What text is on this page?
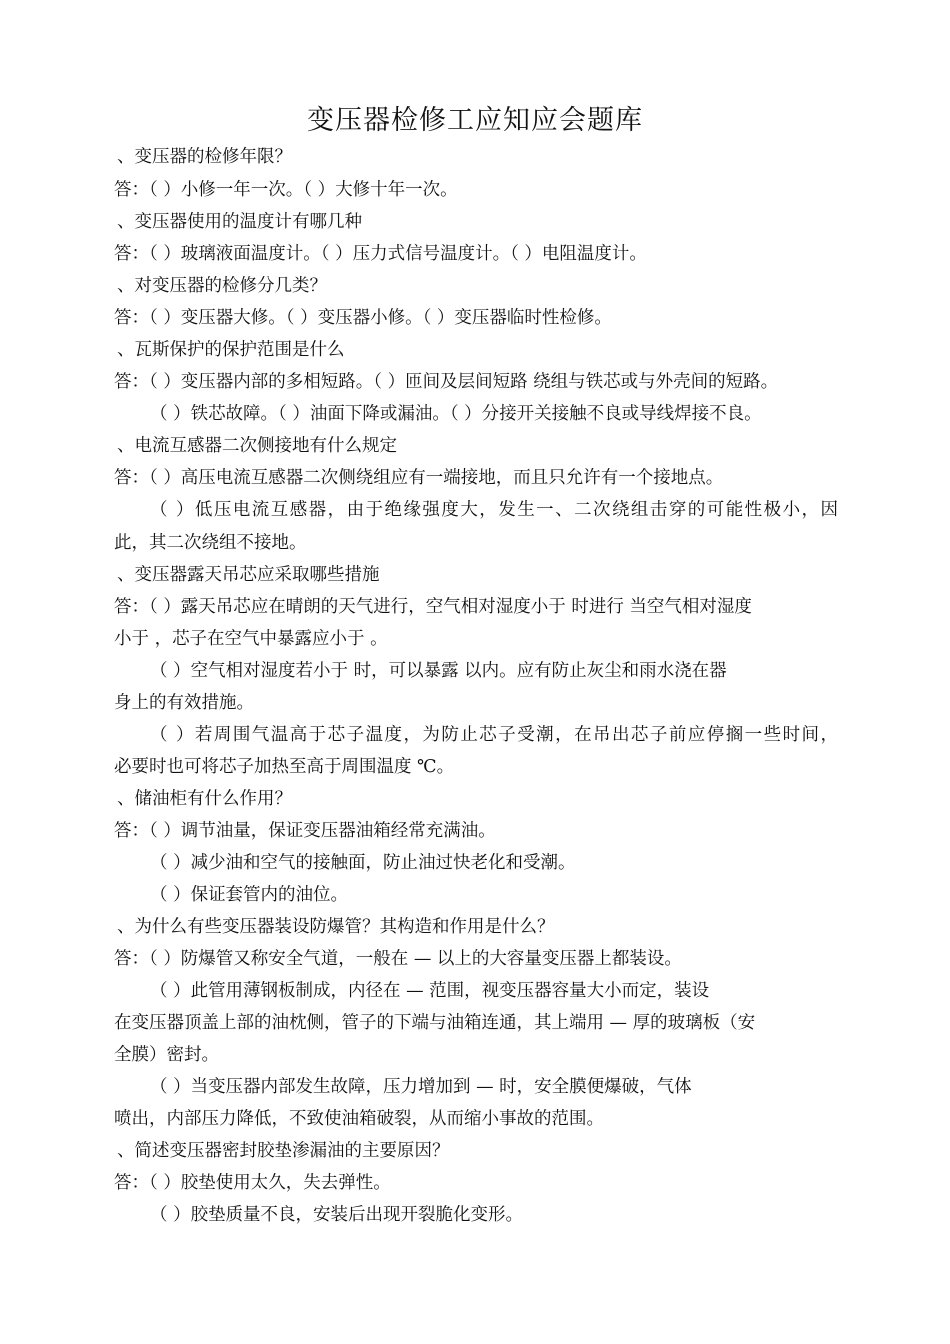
变压器检修工应知应会题库
、变压器的检修年限？
答：（ ）小修一年一次。（ ）大修十年一次。
、变压器使用的温度计有哪几种
答：（ ）玻璃液面温度计。（ ）压力式信号温度计。（ ）电阻温度计。
、对变压器的检修分几类？
答：（ ）变压器大修。（ ）变压器小修。（ ）变压器临时性检修。
、瓦斯保护的保护范围是什么
答：（ ）变压器内部的多相短路。（ ）匝间及层间短路 绕组与铁芯或与外壳间的短路。
（ ）铁芯故障。（ ）油面下降或漏油。（ ）分接开关接触不良或导线焊接不良。
、电流互感器二次侧接地有什么规定
答：（ ）高压电流互感器二次侧绕组应有一端接地，而且只允许有一个接地点。
（ ）低压电流互感器，由于绝缘强度大，发生一、二次绕组击穿的可能性极小，因
此，其二次绕组不接地。
、变压器露天吊芯应采取哪些措施
答：（ ）露天吊芯应在晴朗的天气进行，空气相对湿度小于 时进行 当空气相对湿度
小于 ，芯子在空气中暴露应小于 。
（ ）空气相对湿度若小于 时，可以暴露 以内。应有防止灰尘和雨水浇在器
身上的有效措施。
（ ）若周围气温高于芯子温度，为防止芯子受潮，在吊出芯子前应停搁一些时间，
必要时也可将芯子加热至高于周围温度 ℃。
、储油柜有什么作用？
答：（ ）调节油量，保证变压器油箱经常充满油。
（ ）减少油和空气的接触面，防止油过快老化和受潮。
（ ）保证套管内的油位。
、为什么有些变压器装设防爆管？其构造和作用是什么？
答：（ ）防爆管又称安全气道，一般在 — 以上的大容量变压器上都装设。
（ ）此管用薄钢板制成，内径在 — 范围，视变压器容量大小而定，装设
在变压器顶盖上部的油枕侧，管子的下端与油箱连通，其上端用 — 厚的玻璃板（安
全膜）密封。
（ ）当变压器内部发生故障，压力增加到 — 时，安全膜便爆破，气体
喷出，内部压力降低，不致使油箱破裂，从而缩小事故的范围。
、简述变压器密封胶垫渗漏油的主要原因？
答：（ ）胶垫使用太久，失去弹性。
（ ）胶垫质量不良，安装后出现开裂脆化变形。
